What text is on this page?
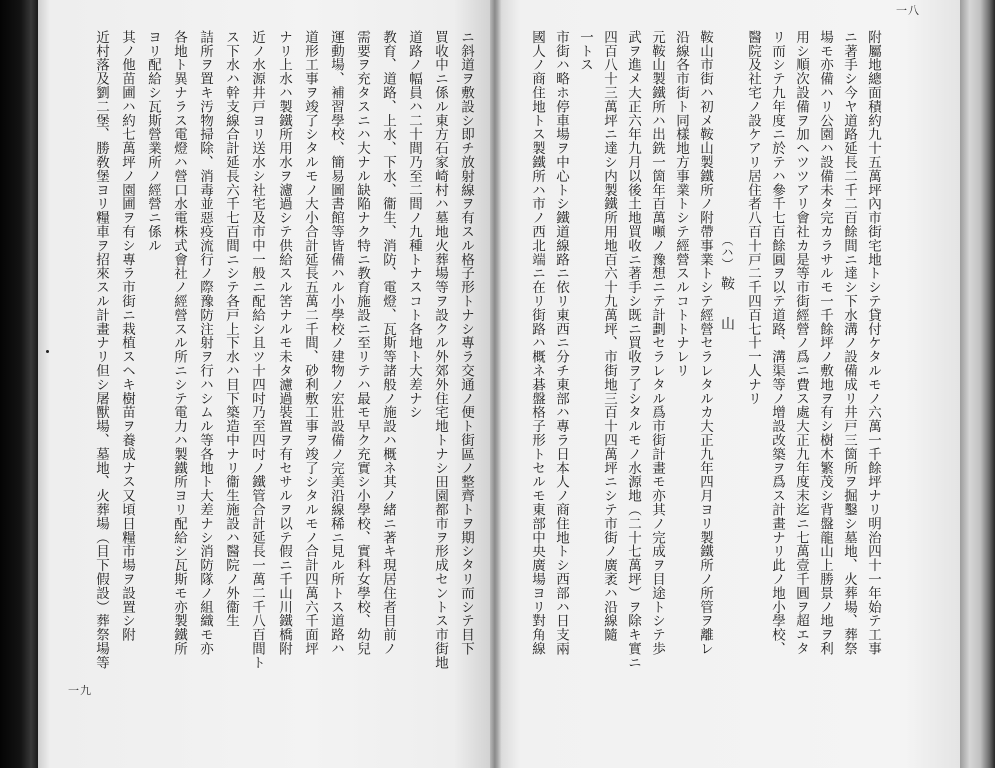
ニ斜道ヲ敷設シ即チ放射線ヲ有スル格子形トナシ專ラ交通ノ便ト街區ノ整齊トヲ期シタリ而シテ目下
買收中ニ係ル東方石家崎村ハ墓地火葬場等ヲ設クル外郊外住宅地トナシ田園都市ヲ形成セントス市街地
道路ノ幅員ハ二十間乃至二間ノ九種トナスコト各地ト大差ナシ
教育、道路、上水、下水、衞生、消防、電燈、瓦斯等諸般ノ施設ハ概ネ其ノ緒ニ著キ現居住者目前ノ
需要ヲ充タスニハ大ナル缺陥ナク特ニ教育施設ニ至リテハ最モ早ク充實シ小學校、實科女學校、幼兒
運動場、補習學校、簡易圖書館等皆備ハル小學校ノ建物ノ宏壯設備ノ完美沿線稀ニ見ル所トス道路ハ
道形工事ヲ竣了シタルモノ大小合計延長五萬二千間、砂利敷工事ヲ竣了シタルモノ合計四萬六千面坪
ナリ上水ハ製鐵所用水ヲ濾過シテ供給スル筈ナルモ未タ濾過裝置ヲ有セサルヲ以テ假ニ千山川鐵橋附
近ノ水源井戸ヨリ送水シ社宅及市中一般ニ配給シ且ツ十四吋乃至四吋ノ鐵管合計延長一萬二千八百間ト
ス下水ハ幹支線合計延長六千七百間ニシテ各戸上下水ハ目下築造中ナリ衞生施設ハ醫院ノ外衞生
詰所ヲ置キ汚物掃除、消毒並惡疫流行ノ際豫防注射ヲ行ハシムル等各地ト大差ナシ消防隊ノ組織モ亦
各地ト異ナラス電燈ハ營口水電株式會社ノ經營スル所ニシテ電力ハ製鐵所ヨリ配給シ瓦斯モ亦製鐵所
ヨリ配給シ瓦斯營業所ノ經營ニ係ル
其ノ他苗圃ハ約七萬坪ノ園圃ヲ有シ專ラ市街ニ栽植スヘキ樹苗ヲ養成ナス又頃日糧市場ヲ設置シ附
近村落及劉二堡、勝敎堡ヨリ糧車ヲ招來スル計畫ナリ但シ屠獸場、墓地、火葬場（目下假設）葬祭場等
一九
一八
附屬地總面積約九十五萬坪內市街宅地トシテ貸付ケタルモノ六萬一千餘坪ナリ明治四十一年始テ工事
ニ著手シ今ヤ道路延長二千二百餘間ニ達シ下水溝ノ設備成リ井戸三箇所ヲ掘鑿シ墓地、火葬場、葬祭
場モ亦備ハリ公園ハ設備未タ完カラサルモ一千餘坪ノ敷地ヲ有シ樹木繁茂シ背盤龍山上勝景ノ地ヲ利
用シ順次設備ヲ加ヘツツアリ會社カ是等市街經營ノ爲ニ費ス處大正九年度末迄ニ七萬壹千圓ヲ超エタ
リ而シテ九年度ニ於テハ參千七百餘圓ヲ以テ道路、溝渠等ノ增設改築ヲ爲ス計畫ナリ此ノ地小學校、
醫院及社宅ノ設ケアリ居住者八百十戸二千四百七十一人ナリ
（ハ）鞍　山
鞍山市街ハ初メ鞍山製鐵所ノ附帶事業トシテ經營セラレタルカ大正九年四月ヨリ製鐵所ノ所管ヲ離レ
沿線各市街ト同樣地方事業トシテ經營スルコトトナレリ
元鞍山製鐵所ハ出銑一箇年百萬噸ノ豫想ニテ計劃セラレタル爲市街計畫モ亦其ノ完成ヲ目途トシテ歩
武ヲ進メ大正六年九月以後土地買收ニ著手シ既ニ買收ヲ了シタルモノ水源地（二十七萬坪）ヲ除キ實ニ
四百八十三萬坪ニ達シ内製鐵所用地百六十九萬坪、市街地三百十四萬坪ニシテ市街ノ廣袤ハ沿線隨
一トス
市街ハ略ホ停車場ヲ中心トシ鐵道線路ニ依リ東西ニ分チ東部ハ專ラ日本人ノ商住地トシ西部ハ日支兩
國人ノ商住地トス製鐵所ハ市ノ西北端ニ在リ街路ハ概ネ碁盤格子形トセルモ東部中央廣場ヨリ對角線
